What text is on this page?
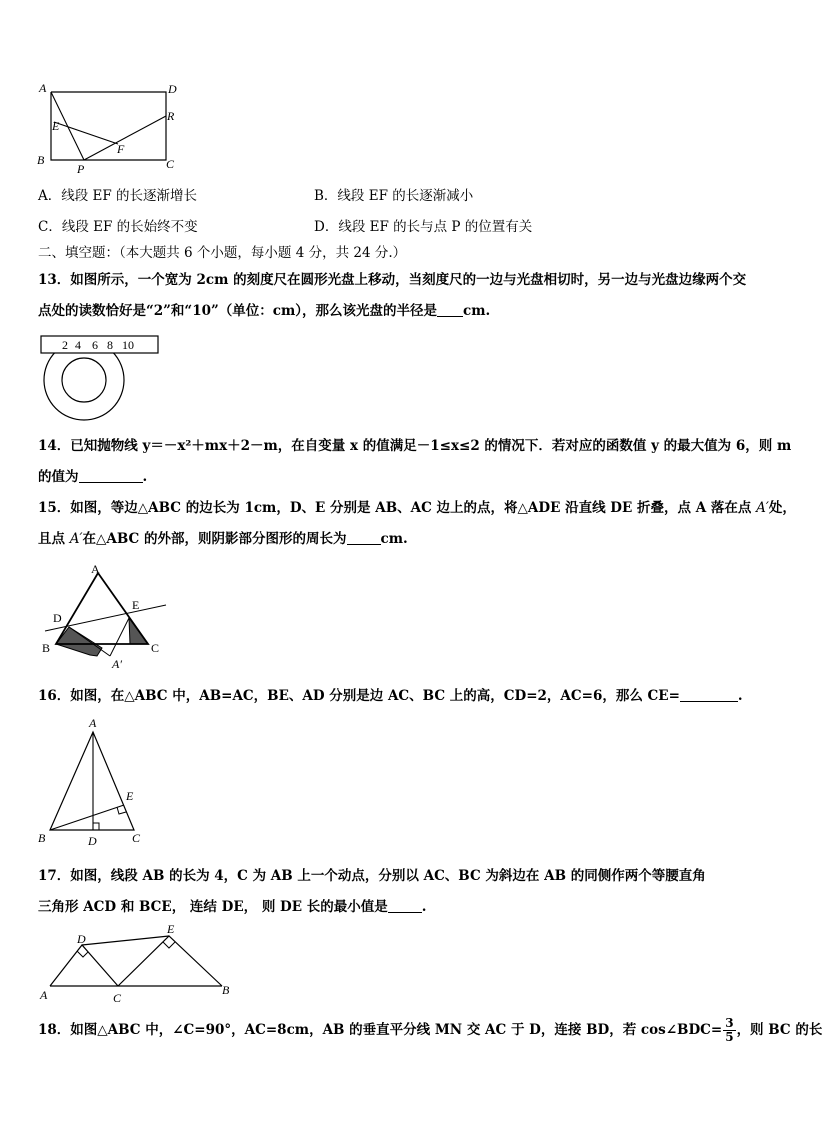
A	D
E
R
F
B
P	C
A．线段 EF 的长逐渐增长	B．线段 EF 的长逐渐减小
C．线段 EF 的长始终不变	D．线段 EF 的长与点 P 的位置有关
二、填空题：（本大题共 6 个小题，每小题 4 分，共 24 分.）
13．如图所示，一个宽为 2cm 的刻度尺在圆形光盘上移动，当刻度尺的一边与光盘相切时，另一边与光盘边缘两个交
点处的读数恰好是“2”和“10”（单位：cm），那么该光盘的半径是 cm.
2 4 6 8 10
14．已知抛物线 y＝－x²＋mx＋2－m，在自变量 x 的值满足－1≤x≤2 的情况下．若对应的函数值 y 的最大值为 6，则 m
的值为	.
15．如图，等边△ABC 的边长为 1cm，D、E 分别是 AB、AC 边上的点，将△ADE 沿直线 DE 折叠，点 A 落在点 A′处，
且点 A′在△ABC 的外部，则阴影部分图形的周长为	cm.
A
D
E
B	C
A′
16．如图，在△ABC 中，AB=AC，BE、AD 分别是边 AC、BC 上的高，CD=2，AC=6，那么 CE=	.
A
E
B	D	C
17．如图，线段 AB 的长为 4，C 为 AB 上一个动点，分别以 AC、BC 为斜边在 AB 的同侧作两个等腰直角
三角形 ACD 和 BCE， 连结 DE， 则 DE 长的最小值是	.
D
E
A	C
B
18．如图△ABC 中，∠C=90°，AC=8cm，AB 的垂直平分线 MN 交 AC 于 D，连接 BD，若 cos∠BDC= $\frac{3}{5}$ ，则 BC 的长
